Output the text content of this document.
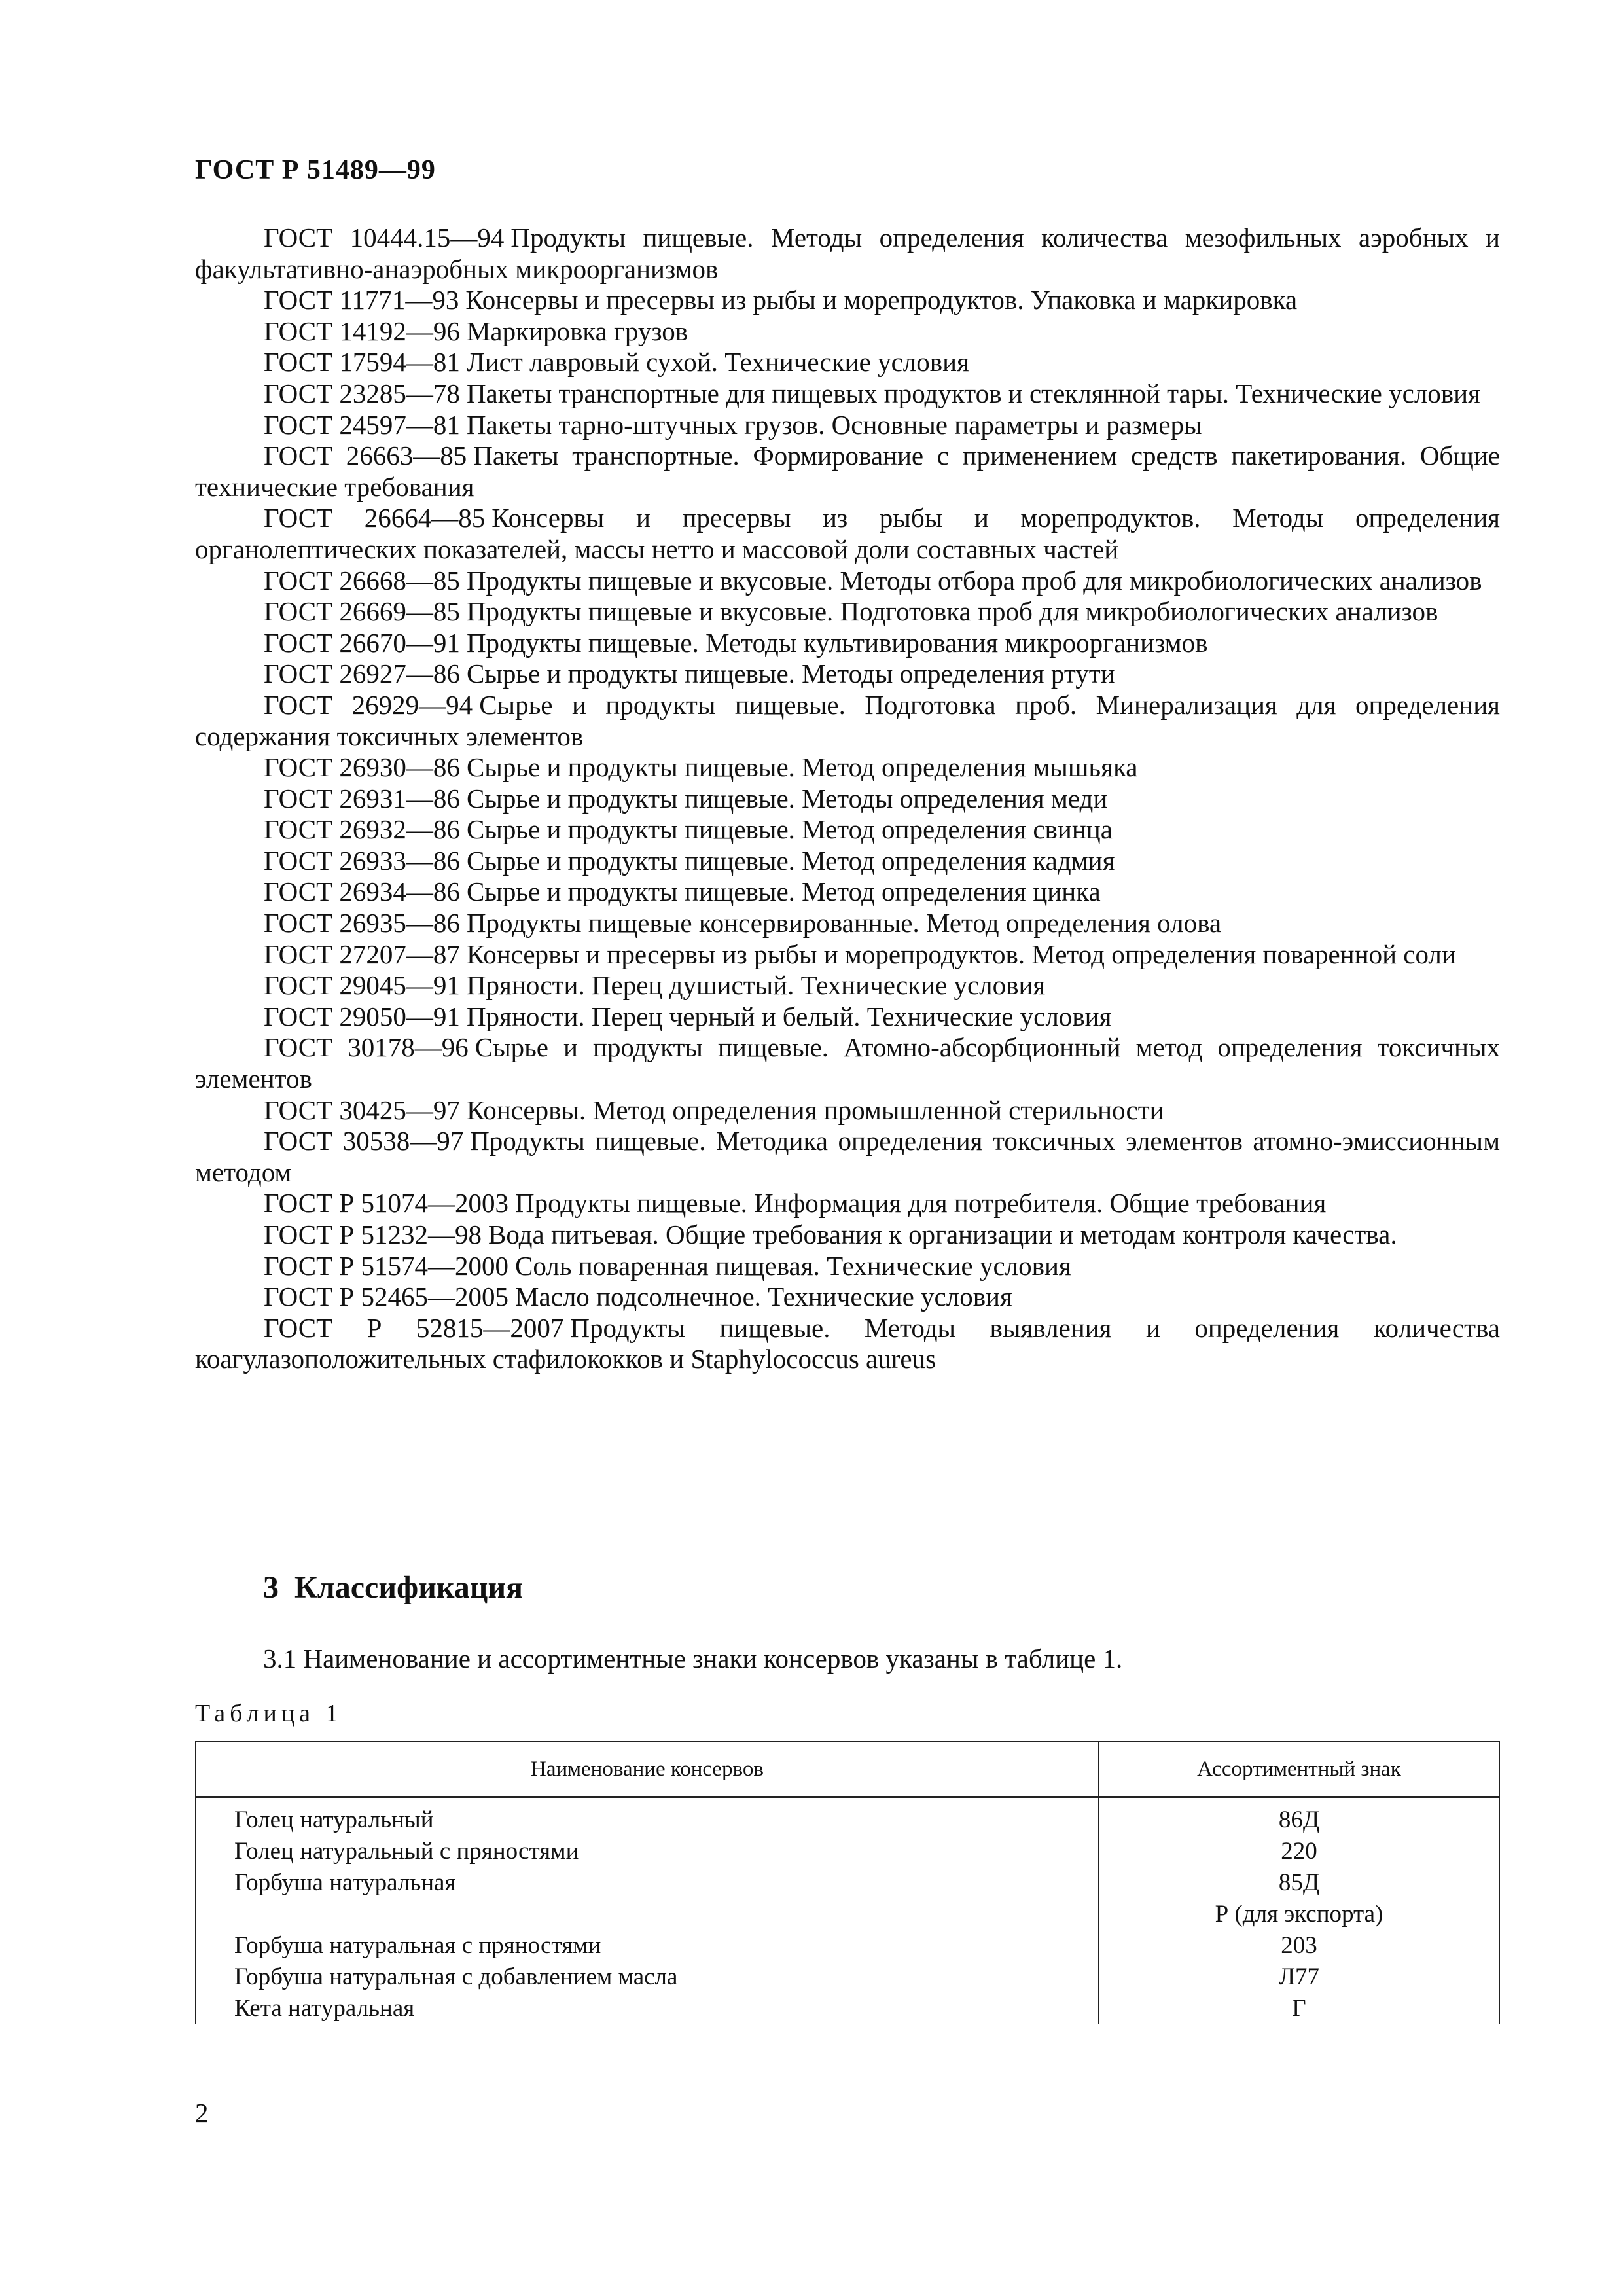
ГОСТ Р 51489—99

ГОСТ 10444.15—94 Продукты пищевые. Методы определения количества мезофильных аэробных и факультативно-анаэробных микроорганизмов

ГОСТ 11771—93 Консервы и пресервы из рыбы и морепродуктов. Упаковка и маркировка

ГОСТ 14192—96 Маркировка грузов

ГОСТ 17594—81 Лист лавровый сухой. Технические условия

ГОСТ 23285—78 Пакеты транспортные для пищевых продуктов и стеклянной тары. Технические условия

ГОСТ 24597—81 Пакеты тарно-штучных грузов. Основные параметры и размеры

ГОСТ 26663—85 Пакеты транспортные. Формирование с применением средств пакетирования. Общие технические требования

ГОСТ 26664—85 Консервы и пресервы из рыбы и морепродуктов. Методы определения органолептических показателей, массы нетто и массовой доли составных частей

ГОСТ 26668—85 Продукты пищевые и вкусовые. Методы отбора проб для микробиологических анализов

ГОСТ 26669—85 Продукты пищевые и вкусовые. Подготовка проб для микробиологических анализов

ГОСТ 26670—91 Продукты пищевые. Методы культивирования микроорганизмов

ГОСТ 26927—86 Сырье и продукты пищевые. Методы определения ртути

ГОСТ 26929—94 Сырье и продукты пищевые. Подготовка проб. Минерализация для определения содержания токсичных элементов

ГОСТ 26930—86 Сырье и продукты пищевые. Метод определения мышьяка

ГОСТ 26931—86 Сырье и продукты пищевые. Методы определения меди

ГОСТ 26932—86 Сырье и продукты пищевые. Метод определения свинца

ГОСТ 26933—86 Сырье и продукты пищевые. Метод определения кадмия

ГОСТ 26934—86 Сырье и продукты пищевые. Метод определения цинка

ГОСТ 26935—86 Продукты пищевые консервированные. Метод определения олова

ГОСТ 27207—87 Консервы и пресервы из рыбы и морепродуктов. Метод определения поваренной соли

ГОСТ 29045—91 Пряности. Перец душистый. Технические условия

ГОСТ 29050—91 Пряности. Перец черный и белый. Технические условия

ГОСТ 30178—96 Сырье и продукты пищевые. Атомно-абсорбционный метод определения токсичных элементов

ГОСТ 30425—97 Консервы. Метод определения промышленной стерильности

ГОСТ 30538—97 Продукты пищевые. Методика определения токсичных элементов атомно-эмиссионным методом

ГОСТ Р 51074—2003 Продукты пищевые. Информация для потребителя. Общие требования

ГОСТ Р 51232—98 Вода питьевая. Общие требования к организации и методам контроля качества.

ГОСТ Р 51574—2000 Соль поваренная пищевая. Технические условия

ГОСТ Р 52465—2005 Масло подсолнечное. Технические условия

ГОСТ Р 52815—2007 Продукты пищевые. Методы выявления и определения количества коагулазоположительных стафилококков и Staphylococcus aureus

3 Классификация

3.1 Наименование и ассортиментные знаки консервов указаны в таблице 1.

Таблица 1

Наименование консервов	Ассортиментный знак
Голец натуральный	86Д

Голец натуральный с пряностями	220

Горбуша натуральная	85Д
Р (для экспорта)

Горбуша натуральная с пряностями	203

Горбуша натуральная с добавлением масла	Л77

Кета натуральная	Г

2
